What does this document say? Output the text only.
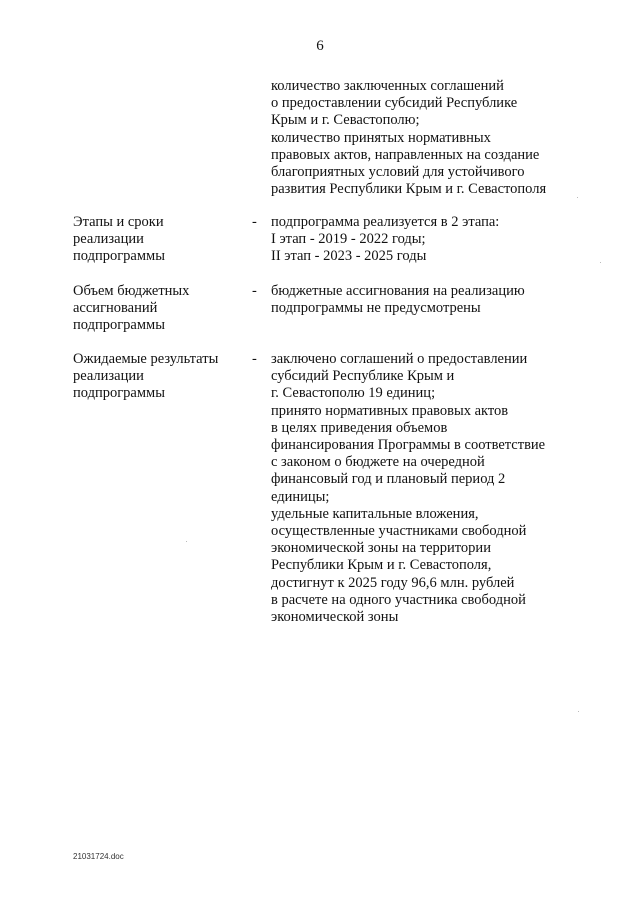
6
количество заключенных соглашений
о предоставлении субсидий Республике
Крым и г. Севастополю;
количество принятых нормативных
правовых актов, направленных на создание
благоприятных условий для устойчивого
развития Республики Крым и г. Севастополя
Этапы и сроки
реализации
подпрограммы
- подпрограмма реализуется в 2 этапа:
I этап - 2019 - 2022 годы;
II этап - 2023 - 2025 годы
Объем бюджетных
ассигнований
подпрограммы
- бюджетные ассигнования на реализацию
подпрограммы не предусмотрены
Ожидаемые результаты
реализации
подпрограммы
- заключено соглашений о предоставлении
субсидий Республике Крым и
г. Севастополю 19 единиц;
принято нормативных правовых актов
в целях приведения объемов
финансирования Программы в соответствие
с законом о бюджете на очередной
финансовый год и плановый период 2
единицы;
удельные капитальные вложения,
осуществленные участниками свободной
экономической зоны на территории
Республики Крым и г. Севастополя,
достигнут к 2025 году 96,6 млн. рублей
в расчете на одного участника свободной
экономической зоны
21031724.doc
